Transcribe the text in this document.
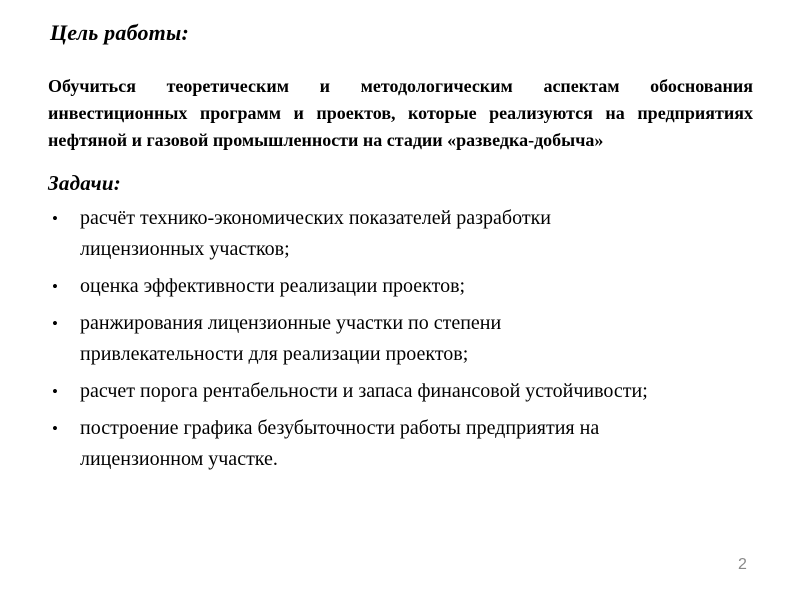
Цель работы:
Обучиться теоретическим и методологическим аспектам обоснования
инвестиционных программ и проектов, которые реализуются на предприятиях
нефтяной и газовой промышленности на стадии «разведка-добыча»
Задачи:
•	расчёт технико-экономических показателей разработки
лицензионных участков;
•	оценка эффективности реализации проектов;
•	ранжирования лицензионные участки по степени
привлекательности для реализации проектов;
•	расчет порога рентабельности и запаса финансовой устойчивости;
•	построение графика безубыточности работы предприятия на
лицензионном участке.
2
